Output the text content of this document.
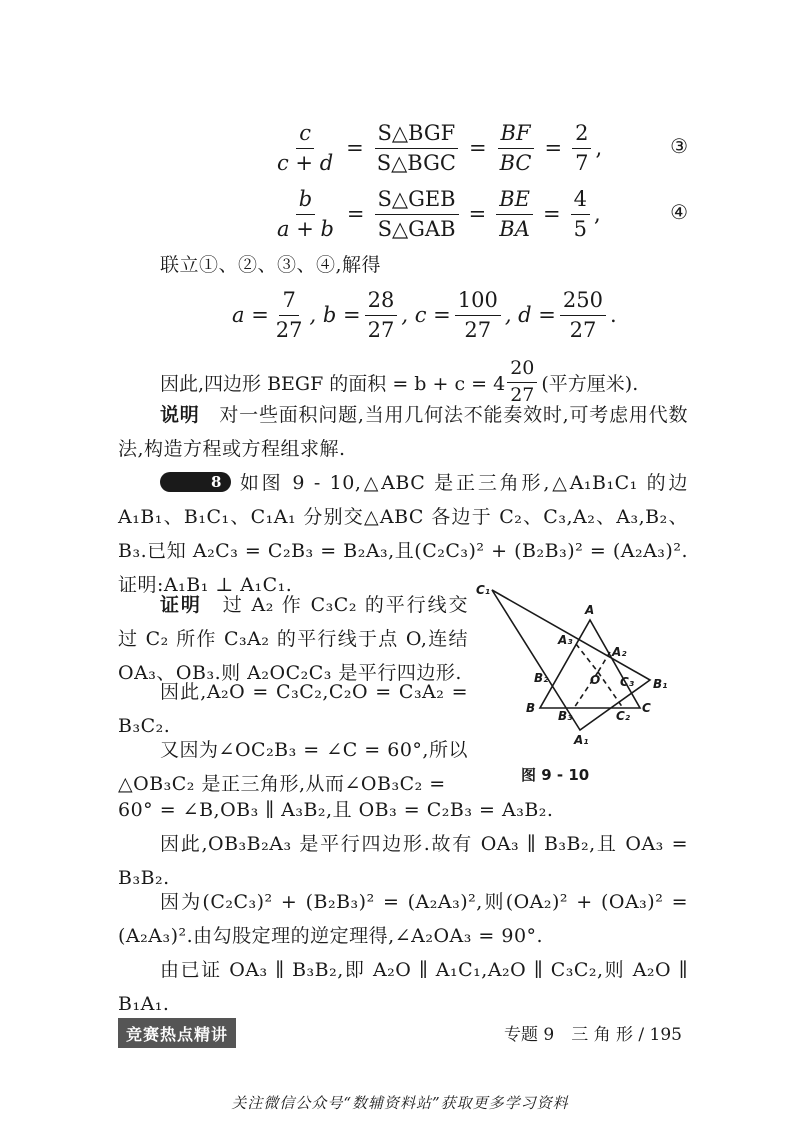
$\frac{c}{c + d} = \frac{\text{S△BGF}}{\text{S△BGC}} = \frac{BF}{BC} = \frac{2}{7}$ ,	③
$\frac{b}{a + b} = \frac{\text{S△GEB}}{\text{S△GAB}} = \frac{BE}{BA} = \frac{4}{5}$ ,	④
联立①、②、③、④,解得
$a = \frac{7}{27}$ , $b = \frac{28}{27}$ , $c = \frac{100}{27}$ , $d = \frac{250}{27}$ .
因此,四边形 BEGF 的面积 = $b + c = 4 \frac{20}{27}$ (平方厘米).
说明　 对一些面积问题,当用几何法不能奏效时,可考虑用代数法,构造方程或方程组求解.
8 如图 9 - 10,△ABC 是正三角形,△A₁B₁C₁ 的边 A₁B₁、B₁C₁、C₁A₁ 分别交△ABC 各边于 C₂、C₃,A₂、A₃,B₂、B₃.已知 A₂C₃ = C₂B₃ = B₂A₃,且(C₂C₃)² + (B₂B₃)² = (A₂A₃)².证明:A₁B₁ ⊥ A₁C₁.
证明　 过 A₂ 作 C₃C₂ 的平行线交过 C₂ 所作 C₃A₂ 的平行线于点 O,连结 OA₃、OB₃.则 A₂OC₂C₃ 是平行四边形.
因此,A₂O = C₃C₂,C₂O = C₃A₂ = B₃C₂.
又因为∠OC₂B₃ = ∠C = 60°,所以△OB₃C₂ 是正三角形,从而∠OB₃C₂ =
60° = ∠B,OB₃ ∥ A₃B₂,且 OB₃ = C₂B₃ = A₃B₂.
因此,OB₃B₂A₃ 是平行四边形.故有 OA₃ ∥ B₃B₂,且 OA₃ = B₃B₂.
因为(C₂C₃)² + (B₂B₃)² = (A₂A₃)²,则(OA₂)² + (OA₃)² = (A₂A₃)².由勾股定理的逆定理得,∠A₂OA₃ = 90°.
由已证 OA₃ ∥ B₃B₂,即 A₂O ∥ A₁C₁,A₂O ∥ C₃C₂,则 A₂O ∥ B₁A₁.
C₁
A
A₃
A₂
B₂	O C₃ B₁
B
B₃	C₂
C
A₁
图 9 - 10
竞赛热点精讲	专题 9　三 角 形 / 195
关注微信公众号“数辅资料站”获取更多学习资料
